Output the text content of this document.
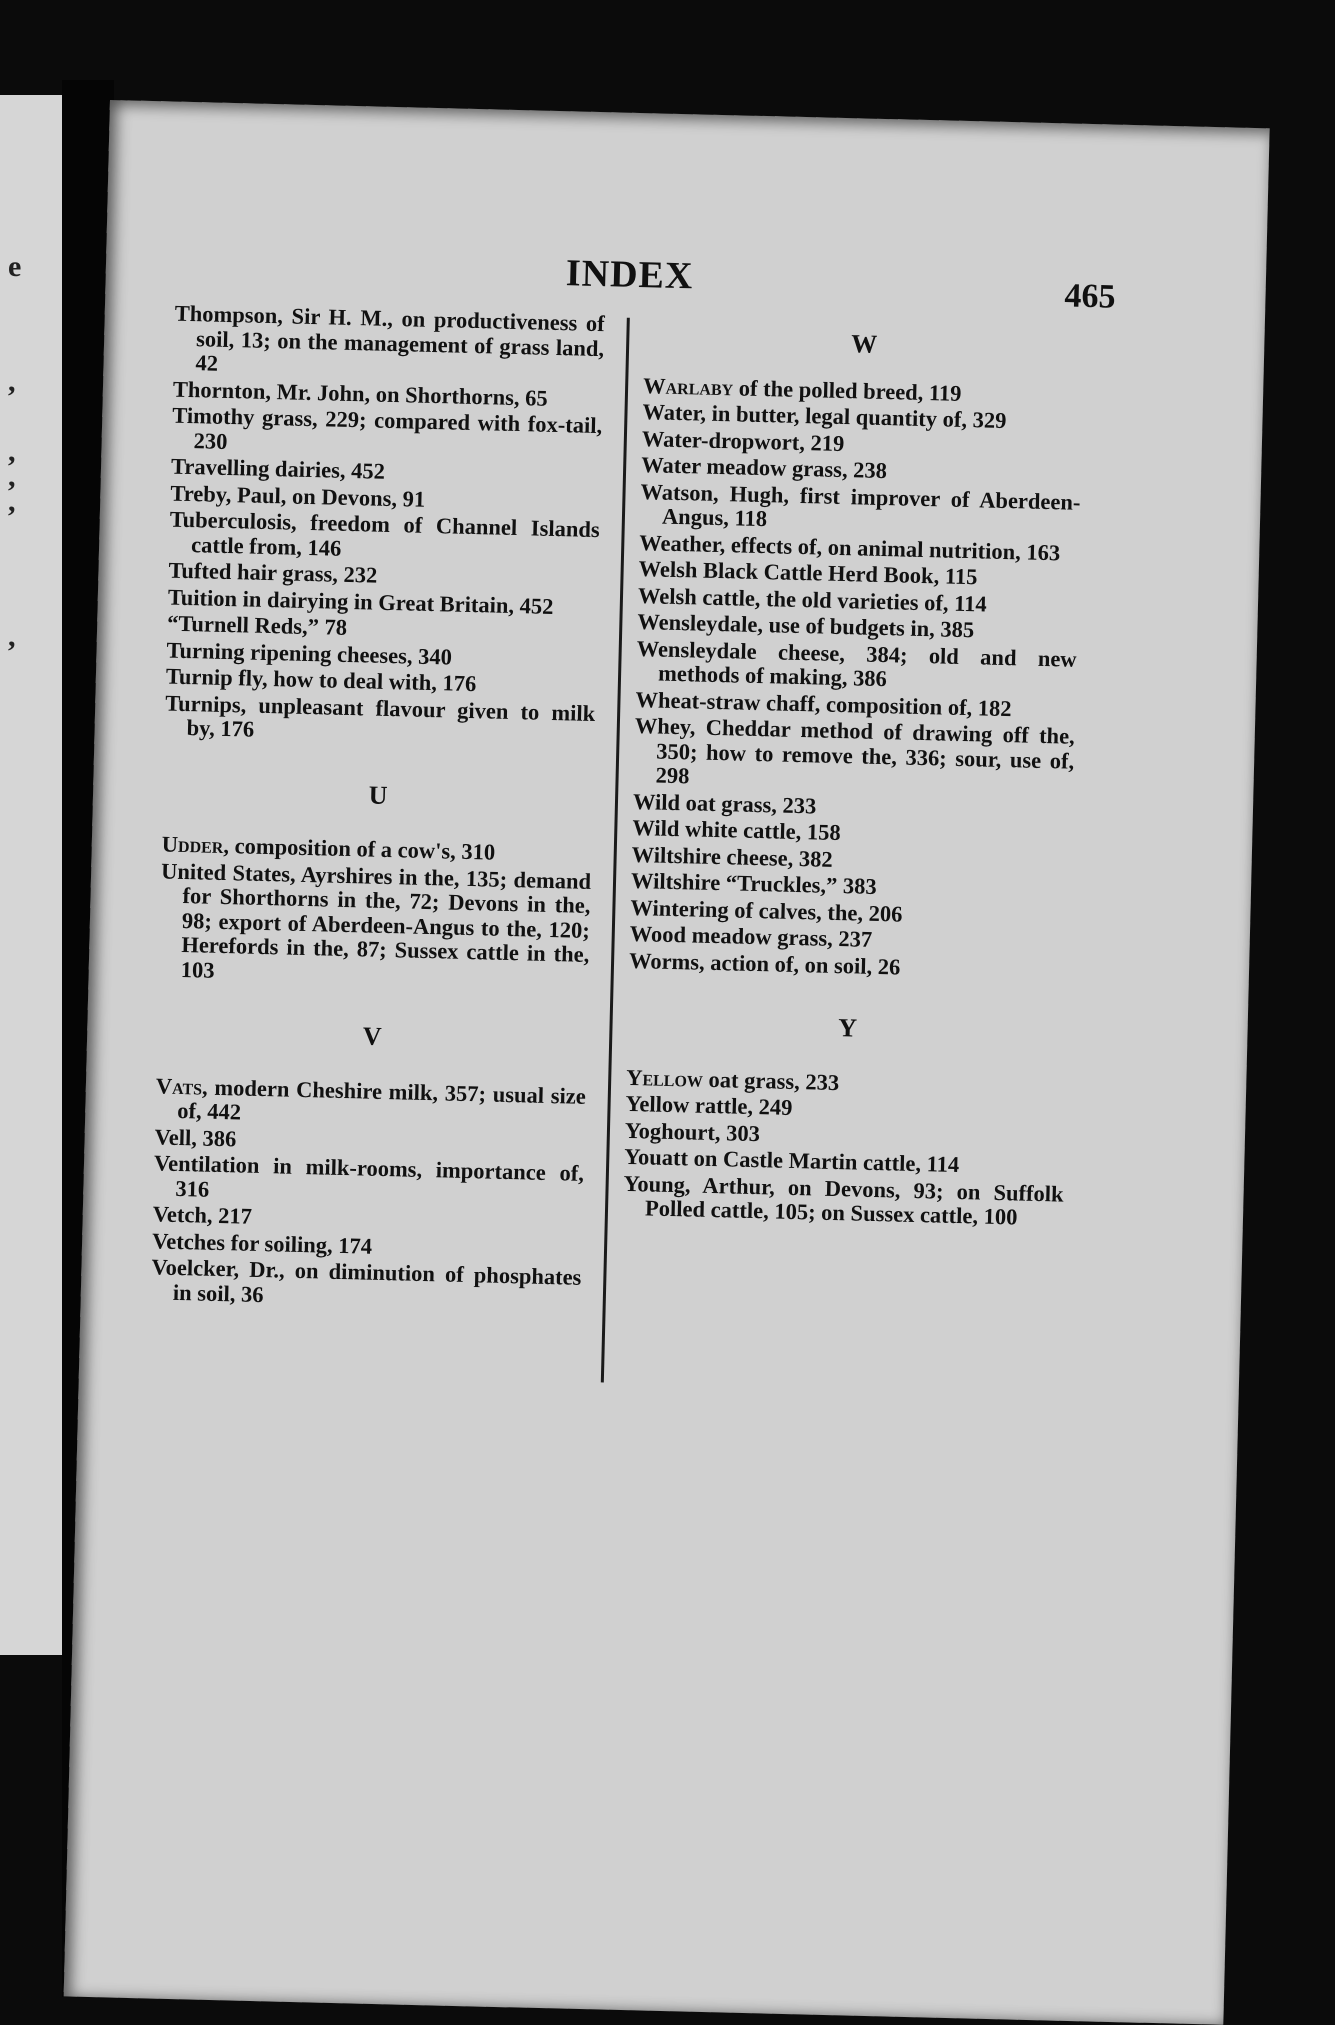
e
,
,
,
,
,
INDEX	465
Thompson, Sir H. M., on productiveness of soil, 13; on the management of grass land, 42
Thornton, Mr. John, on Shorthorns, 65
Timothy grass, 229; compared with fox-tail, 230
Travelling dairies, 452
Treby, Paul, on Devons, 91
Tuberculosis, freedom of Channel Islands cattle from, 146
Tufted hair grass, 232
Tuition in dairying in Great Britain, 452
“Turnell Reds,” 78
Turning ripening cheeses, 340
Turnip fly, how to deal with, 176
Turnips, unpleasant flavour given to milk by, 176
U
Udder, composition of a cow's, 310
United States, Ayrshires in the, 135; demand for Shorthorns in the, 72; Devons in the, 98; export of Aberdeen-Angus to the, 120; Herefords in the, 87; Sussex cattle in the, 103
V
Vats, modern Cheshire milk, 357; usual size of, 442
Vell, 386
Ventilation in milk-rooms, importance of, 316
Vetch, 217
Vetches for soiling, 174
Voelcker, Dr., on diminution of phosphates in soil, 36
W
Warlaby of the polled breed, 119
Water, in butter, legal quantity of, 329
Water-dropwort, 219
Water meadow grass, 238
Watson, Hugh, first improver of Aberdeen-Angus, 118
Weather, effects of, on animal nutrition, 163
Welsh Black Cattle Herd Book, 115
Welsh cattle, the old varieties of, 114
Wensleydale, use of budgets in, 385
Wensleydale cheese, 384; old and new methods of making, 386
Wheat-straw chaff, composition of, 182
Whey, Cheddar method of drawing off the, 350; how to remove the, 336; sour, use of, 298
Wild oat grass, 233
Wild white cattle, 158
Wiltshire cheese, 382
Wiltshire “Truckles,” 383
Wintering of calves, the, 206
Wood meadow grass, 237
Worms, action of, on soil, 26
Y
Yellow oat grass, 233
Yellow rattle, 249
Yoghourt, 303
Youatt on Castle Martin cattle, 114
Young, Arthur, on Devons, 93; on Suffolk Polled cattle, 105; on Sussex cattle, 100
